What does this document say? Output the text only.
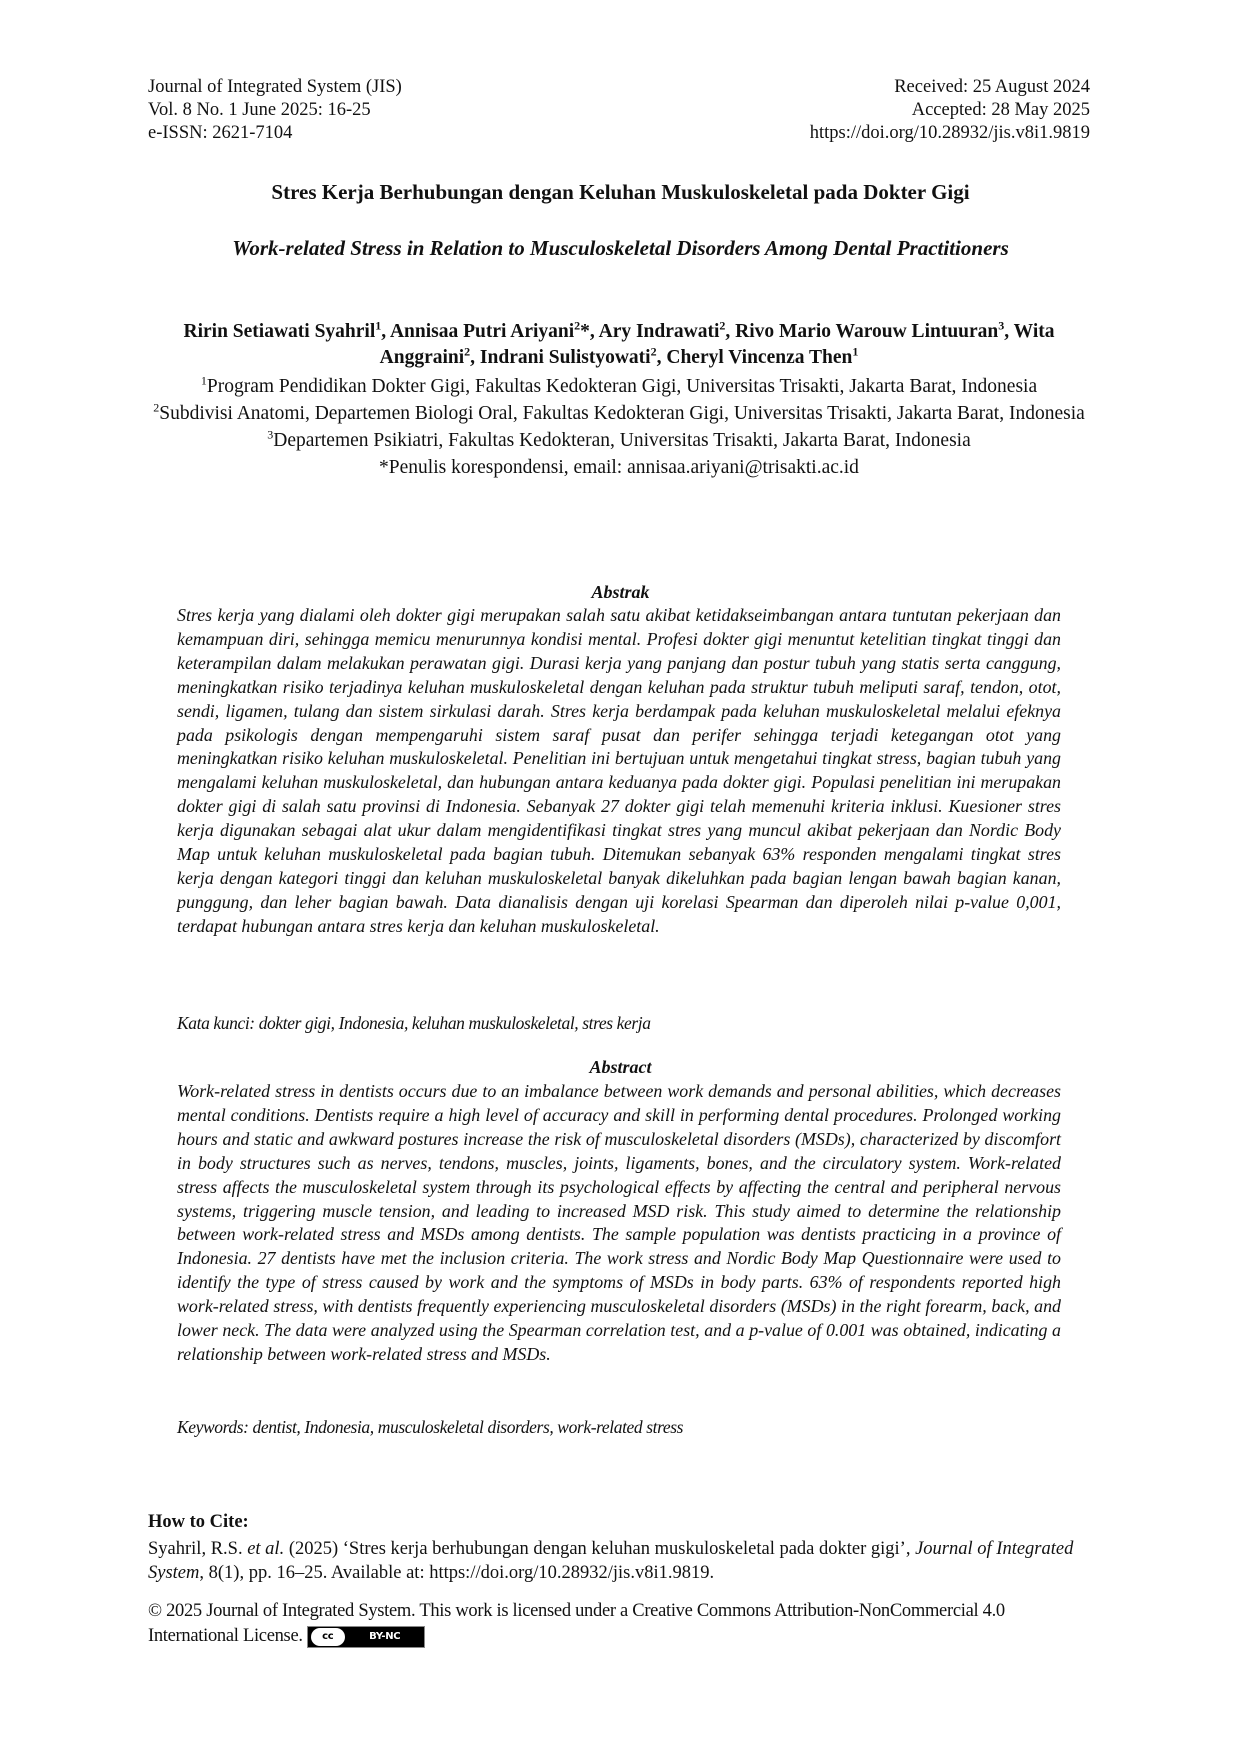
Journal of Integrated System (JIS)
Vol. 8 No. 1 June 2025: 16-25
e-ISSN: 2621-7104
Received: 25 August 2024
Accepted: 28 May 2025
https://doi.org/10.28932/jis.v8i1.9819
Stres Kerja Berhubungan dengan Keluhan Muskuloskeletal pada Dokter Gigi
Work-related Stress in Relation to Musculoskeletal Disorders Among Dental Practitioners
Ririn Setiawati Syahril$^1$, Annisaa Putri Ariyani$^2$*, Ary Indrawati$^2$, Rivo Mario Warouw Lintuuran$^3$, Wita Anggraini$^2$, Indrani Sulistyowati$^2$, Cheryl Vincenza Then$^1$

$^1$Program Pendidikan Dokter Gigi, Fakultas Kedokteran Gigi, Universitas Trisakti, Jakarta Barat, Indonesia

$^2$Subdivisi Anatomi, Departemen Biologi Oral, Fakultas Kedokteran Gigi, Universitas Trisakti, Jakarta Barat, Indonesia

$^3$Departemen Psikiatri, Fakultas Kedokteran, Universitas Trisakti, Jakarta Barat, Indonesia

*Penulis korespondensi, email: annisaa.ariyani@trisakti.ac.id

Abstrak

Stres kerja yang dialami oleh dokter gigi merupakan salah satu akibat ketidakseimbangan antara tuntutan pekerjaan dan kemampuan diri, sehingga memicu menurunnya kondisi mental. Profesi dokter gigi menuntut ketelitian tingkat tinggi dan keterampilan dalam melakukan perawatan gigi. Durasi kerja yang panjang dan postur tubuh yang statis serta canggung, meningkatkan risiko terjadinya keluhan muskuloskeletal dengan keluhan pada struktur tubuh meliputi saraf, tendon, otot, sendi, ligamen, tulang dan sistem sirkulasi darah. Stres kerja berdampak pada keluhan muskuloskeletal melalui efeknya pada psikologis dengan mempengaruhi sistem saraf pusat dan perifer sehingga terjadi ketegangan otot yang meningkatkan risiko keluhan muskuloskeletal. Penelitian ini bertujuan untuk mengetahui tingkat stress, bagian tubuh yang mengalami keluhan muskuloskeletal, dan hubungan antara keduanya pada dokter gigi. Populasi penelitian ini merupakan dokter gigi di salah satu provinsi di Indonesia. Sebanyak 27 dokter gigi telah memenuhi kriteria inklusi. Kuesioner stres kerja digunakan sebagai alat ukur dalam mengidentifikasi tingkat stres yang muncul akibat pekerjaan dan Nordic Body Map untuk keluhan muskuloskeletal pada bagian tubuh. Ditemukan sebanyak 63% responden mengalami tingkat stres kerja dengan kategori tinggi dan keluhan muskuloskeletal banyak dikeluhkan pada bagian lengan bawah bagian kanan, punggung, dan leher bagian bawah. Data dianalisis dengan uji korelasi Spearman dan diperoleh nilai p-value 0,001, terdapat hubungan antara stres kerja dan keluhan muskuloskeletal.

Kata kunci: dokter gigi, Indonesia, keluhan muskuloskeletal, stres kerja
Abstract

Work-related stress in dentists occurs due to an imbalance between work demands and personal abilities, which decreases mental conditions. Dentists require a high level of accuracy and skill in performing dental procedures. Prolonged working hours and static and awkward postures increase the risk of musculoskeletal disorders (MSDs), characterized by discomfort in body structures such as nerves, tendons, muscles, joints, ligaments, bones, and the circulatory system. Work-related stress affects the musculoskeletal system through its psychological effects by affecting the central and peripheral nervous systems, triggering muscle tension, and leading to increased MSD risk. This study aimed to determine the relationship between work-related stress and MSDs among dentists. The sample population was dentists practicing in a province of Indonesia. 27 dentists have met the inclusion criteria. The work stress and Nordic Body Map Questionnaire were used to identify the type of stress caused by work and the symptoms of MSDs in body parts. 63% of respondents reported high work-related stress, with dentists frequently experiencing musculoskeletal disorders (MSDs) in the right forearm, back, and lower neck. The data were analyzed using the Spearman correlation test, and a p-value of 0.001 was obtained, indicating a relationship between work-related stress and MSDs.

Keywords: dentist, Indonesia, musculoskeletal disorders, work-related stress
How to Cite:

Syahril, R.S. et al. (2025) ‘Stres kerja berhubungan dengan keluhan muskuloskeletal pada dokter gigi’, Journal of Integrated System, 8(1), pp. 16–25. Available at: https://doi.org/10.28932/jis.v8i1.9819.

© 2025 Journal of Integrated System. This work is licensed under a Creative Commons Attribution-NonCommercial 4.0 International License.	cc	BY-NC
